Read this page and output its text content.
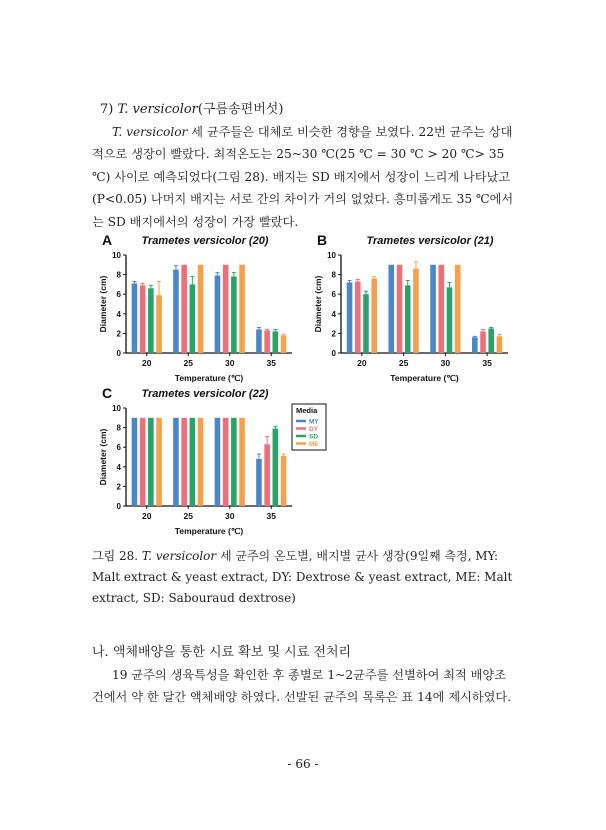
7) T. versicolor(구름송편버섯)

T. versicolor 세 균주들은 대체로 비슷한 경향을 보였다. 22번 균주는 상대적으로 생장이 빨랐다. 최적온도는 25~30 ℃(25 ℃ = 30 ℃ > 20 ℃> 35 ℃) 사이로 예측되었다(그림 28). 배지는 SD 배지에서 성장이 느리게 나타났고 (P<0.05) 나머지 배지는 서로 간의 차이가 거의 없었다. 흥미롭게도 35 ℃에서는 SD 배지에서의 성장이 가장 빨랐다.

A	Trametes versicolor (20)
0
2
4
6
8
10
Diameter (cm)
20	25	30	35
Temperature (℃)
B	Trametes versicolor (21)
0
2
4
6
8
10
Diameter (cm)
20	25	30	35
Temperature (℃)
C	Trametes versicolor (22)
0
2
4
6
8
10
Diameter (cm)
20	25	30	35
Temperature (℃)
Media
MY
DY
SD
ME
그림 28. T. versicolor 세 균주의 온도별, 배지별 균사 생장(9일째 측정, MY: Malt extract & yeast extract, DY: Dextrose & yeast extract, ME: Malt extract, SD: Sabouraud dextrose)
나. 액체배양을 통한 시료 확보 및 시료 전처리

19 균주의 생육특성을 확인한 후 종별로 1~2균주를 선별하여 최적 배양조건에서 약 한 달간 액체배양 하였다. 선발된 균주의 목록은 표 14에 제시하였다.

- 66 -
